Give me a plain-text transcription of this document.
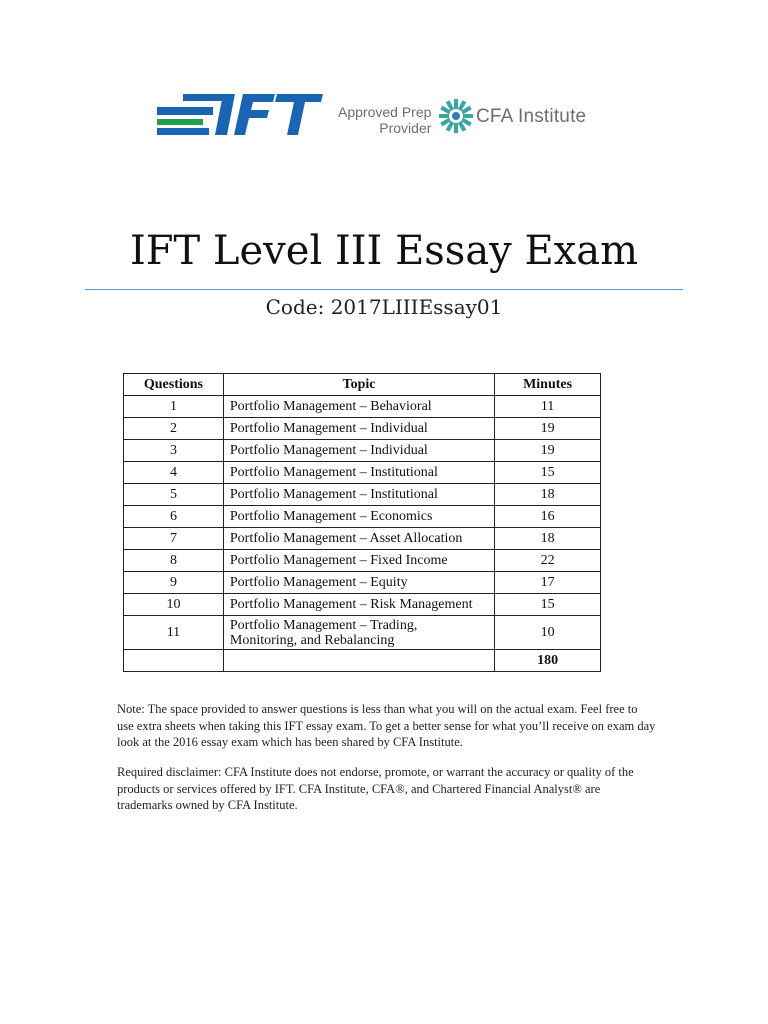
Approved Prep
Provider
CFA Institute
IFT Level III Essay Exam
Code: 2017LIIIEssay01
Questions	Topic	Minutes
1	Portfolio Management – Behavioral	11
2	Portfolio Management – Individual	19
3	Portfolio Management – Individual	19
4	Portfolio Management – Institutional	15
5	Portfolio Management – Institutional	18
6	Portfolio Management – Economics	16
7	Portfolio Management – Asset Allocation	18
8	Portfolio Management – Fixed Income	22
9	Portfolio Management – Equity	17
10	Portfolio Management – Risk Management	15
11	Portfolio Management – Trading,
Monitoring, and Rebalancing	10
		180

Note: The space provided to answer questions is less than what you will on the actual exam. Feel free to use extra sheets when taking this IFT essay exam. To get a better sense for what you’ll receive on exam day look at the 2016 essay exam which has been shared by CFA Institute.

Required disclaimer: CFA Institute does not endorse, promote, or warrant the accuracy or quality of the products or services offered by IFT. CFA Institute, CFA®, and Chartered Financial Analyst® are trademarks owned by CFA Institute.
